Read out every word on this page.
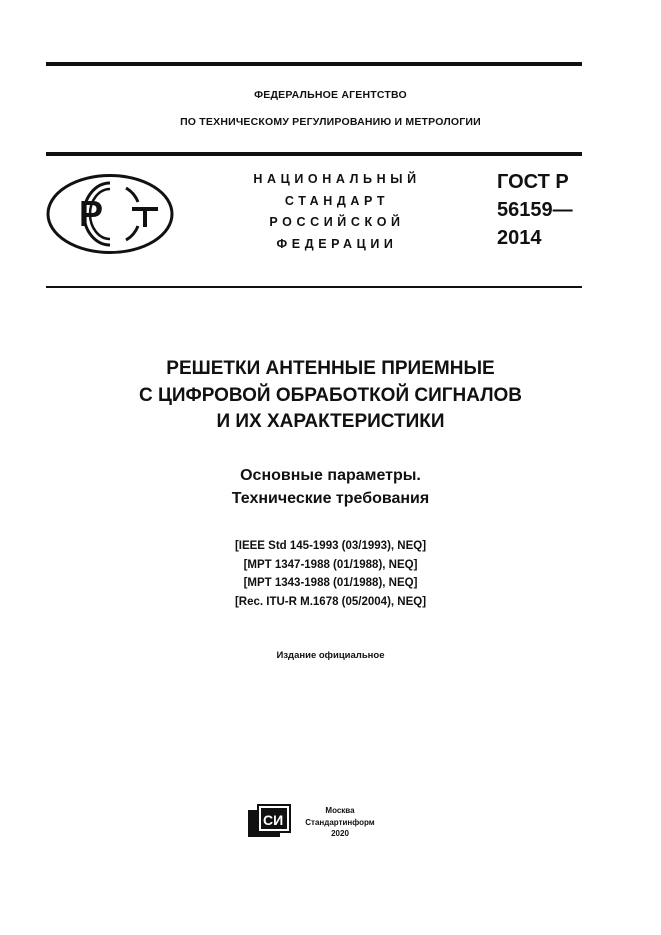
ФЕДЕРАЛЬНОЕ АГЕНТСТВО
ПО ТЕХНИЧЕСКОМУ РЕГУЛИРОВАНИЮ И МЕТРОЛОГИИ
Р
НАЦИОНАЛЬНЫЙ
СТАНДАРТ
РОССИЙСКОЙ
ФЕДЕРАЦИИ
ГОСТ Р
56159—
2014
РЕШЕТКИ АНТЕННЫЕ ПРИЕМНЫЕ
С ЦИФРОВОЙ ОБРАБОТКОЙ СИГНАЛОВ
И ИХ ХАРАКТЕРИСТИКИ
Основные параметры.
Технические требования
[IEEE Std 145-1993 (03/1993), NEQ]
[MPT 1347-1988 (01/1988), NEQ]
[MPT 1343-1988 (01/1988), NEQ]
[Rec. ITU-R M.1678 (05/2004), NEQ]
Издание официальное
СИ
Москва
Стандартинформ
2020
